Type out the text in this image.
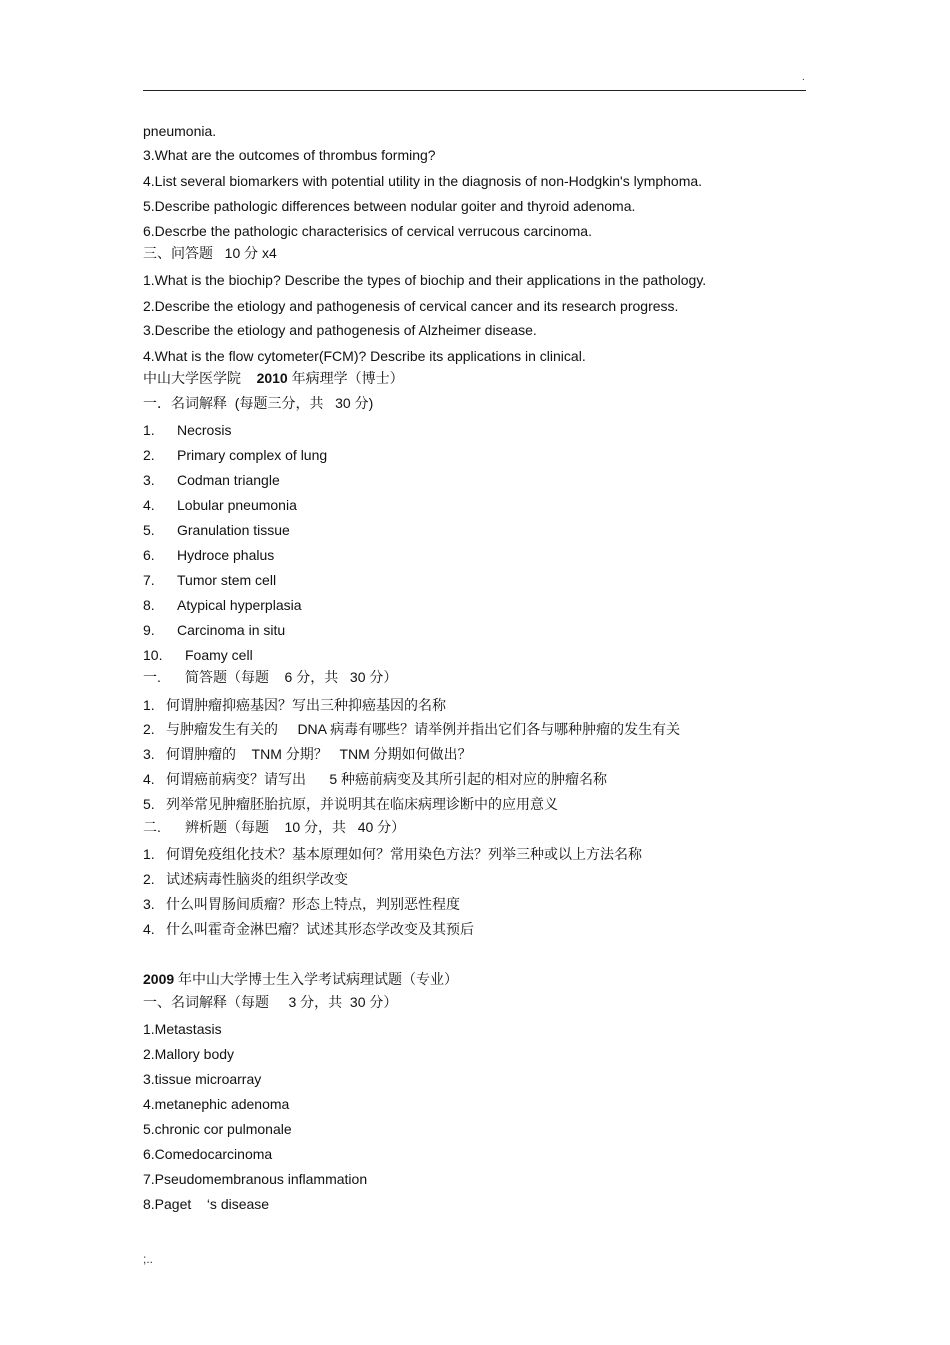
.
pneumonia.
3.What are the outcomes of thrombus forming?
4.List several biomarkers with potential utility in the diagnosis of non-Hodgkin's lymphoma.
5.Describe pathologic differences between nodular goiter and thyroid adenoma.
6.Descrbe the pathologic characterisics of cervical verrucous carcinoma.
三、问答题   10 分 x4
1.What is the biochip? Describe the types of biochip and their applications in the pathology.
2.Describe the etiology and pathogenesis of cervical cancer and its research progress.
3.Describe the etiology and pathogenesis of Alzheimer disease.
4.What is the flow cytometer(FCM)? Describe its applications in clinical.
中山大学医学院    2010 年病理学（博士）
一．名词解释  (每题三分，共   30 分)
1. Necrosis
2. Primary complex of lung
3. Codman triangle
4. Lobular pneumonia
5. Granulation tissue
6. Hydroce phalus
7. Tumor stem cell
8. Atypical hyperplasia
9. Carcinoma in situ
10. Foamy cell
一. 简答题（每题    6 分，共   30 分）
1. 何谓肿瘤抑癌基因？写出三种抑癌基因的名称
2. 与肿瘤发生有关的     DNA 病毒有哪些？请举例并指出它们各与哪种肿瘤的发生有关
3. 何谓肿瘤的    TNM 分期？   TNM 分期如何做出？
4. 何谓癌前病变？请写出      5 种癌前病变及其所引起的相对应的肿瘤名称
5. 列举常见肿瘤胚胎抗原，并说明其在临床病理诊断中的应用意义
二. 辨析题（每题    10 分，共   40 分）
1. 何谓免疫组化技术？基本原理如何？常用染色方法？列举三种或以上方法名称
2. 试述病毒性脑炎的组织学改变
3. 什么叫胃肠间质瘤？形态上特点，判别恶性程度
4. 什么叫霍奇金淋巴瘤？试述其形态学改变及其预后
2009 年中山大学博士生入学考试病理试题（专业）
一、名词解释（每题     3 分，共  30 分）
1.Metastasis
2.Mallory body
3.tissue microarray
4.metanephic adenoma
5.chronic cor pulmonale
6.Comedocarcinoma
7.Pseudomembranous inflammation
8.Paget    ‘s disease
;..
